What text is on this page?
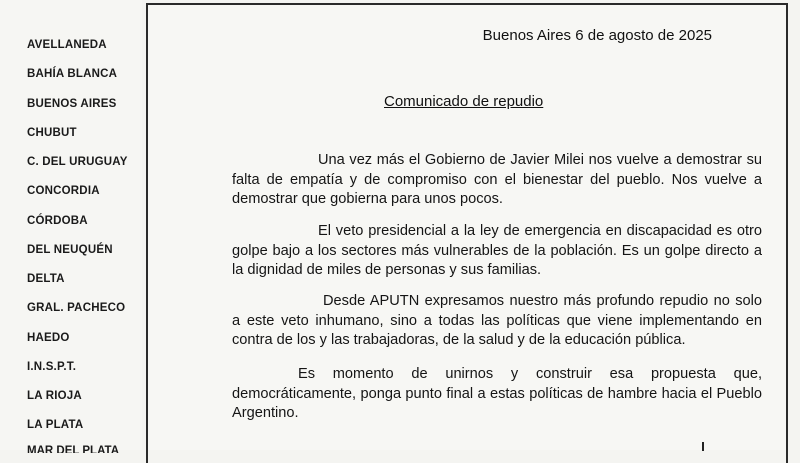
AVELLANEDA
BAHÍA BLANCA
BUENOS AIRES
CHUBUT
C. DEL URUGUAY
CONCORDIA
CÓRDOBA
DEL NEUQUÉN
DELTA
GRAL. PACHECO
HAEDO
I.N.S.P.T.
LA RIOJA
LA PLATA
MAR DEL PLATA
Buenos Aires 6 de agosto de 2025
Comunicado de repudio
Una vez más el Gobierno de Javier Milei nos vuelve a demostrar su falta de empatía y de compromiso con el bienestar del pueblo. Nos vuelve a demostrar que gobierna para unos pocos.
El veto presidencial a la ley de emergencia en discapacidad es otro golpe bajo a los sectores más vulnerables de la población. Es un golpe directo a la dignidad de miles de personas y sus familias.
Desde APUTN expresamos nuestro más profundo repudio no solo a este veto inhumano, sino a todas las políticas que viene implementando en contra de los y las trabajadoras, de la salud y de la educación pública.
Es momento de unirnos y construir esa propuesta que, democráticamente, ponga punto final a estas políticas de hambre hacia el Pueblo Argentino.
